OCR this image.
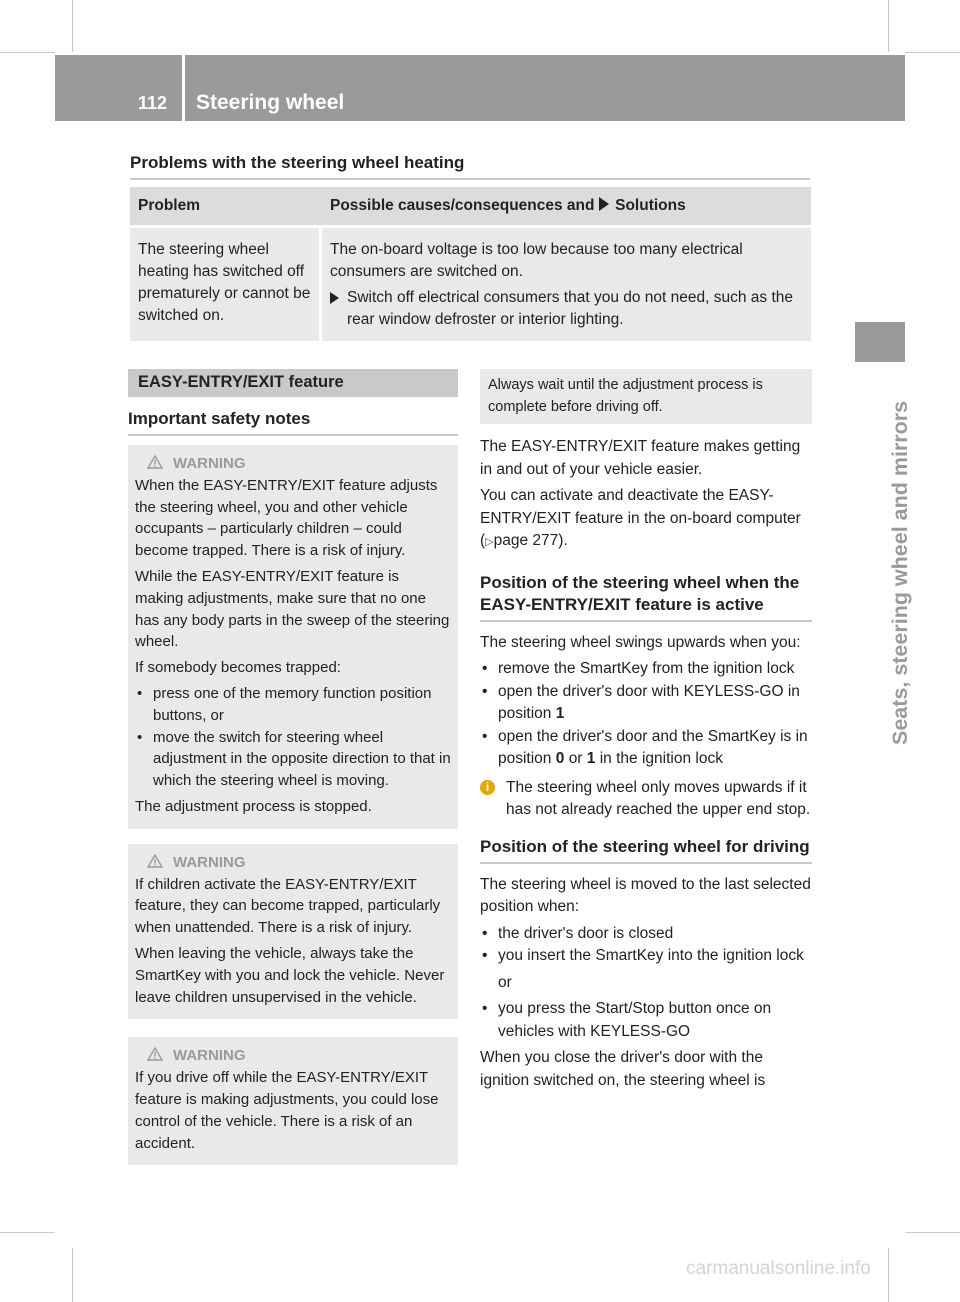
112 Steering wheel
Seats, steering wheel and mirrors
Problems with the steering wheel heating
Problem	Possible causes/consequences and Solutions

The steering wheel heating has switched off prematurely or cannot be switched on.	The on-board voltage is too low because too many electrical consumers are switched on.
Switch off electrical consumers that you do not need, such as the rear window defroster or interior lighting.
EASY-ENTRY/EXIT feature
Important safety notes
WARNING

When the EASY-ENTRY/EXIT feature adjusts the steering wheel, you and other vehicle occupants – particularly children – could become trapped. There is a risk of injury.

While the EASY-ENTRY/EXIT feature is making adjustments, make sure that no one has any body parts in the sweep of the steering wheel.

If somebody becomes trapped:

• press one of the memory function position buttons, or
• move the switch for steering wheel adjustment in the opposite direction to that in which the steering wheel is moving.

The adjustment process is stopped.

WARNING

If children activate the EASY-ENTRY/EXIT feature, they can become trapped, particularly when unattended. There is a risk of injury.

When leaving the vehicle, always take the SmartKey with you and lock the vehicle. Never leave children unsupervised in the vehicle.

WARNING

If you drive off while the EASY-ENTRY/EXIT feature is making adjustments, you could lose control of the vehicle. There is a risk of an accident.

Always wait until the adjustment process is complete before driving off.

The EASY-ENTRY/EXIT feature makes getting in and out of your vehicle easier.

You can activate and deactivate the EASY-ENTRY/EXIT feature in the on-board computer (▷page 277).

Position of the steering wheel when the EASY-ENTRY/EXIT feature is active

The steering wheel swings upwards when you:

• remove the SmartKey from the ignition lock
• open the driver's door with KEYLESS-GO in position 1
• open the driver's door and the SmartKey is in position 0 or 1 in the ignition lock

i	The steering wheel only moves upwards if it has not already reached the upper end stop.

Position of the steering wheel for driving

The steering wheel is moved to the last selected position when:

• the driver's door is closed
• you insert the SmartKey into the ignition lock

or

• you press the Start/Stop button once on vehicles with KEYLESS-GO

When you close the driver's door with the ignition switched on, the steering wheel is

carmanualsonline.info
